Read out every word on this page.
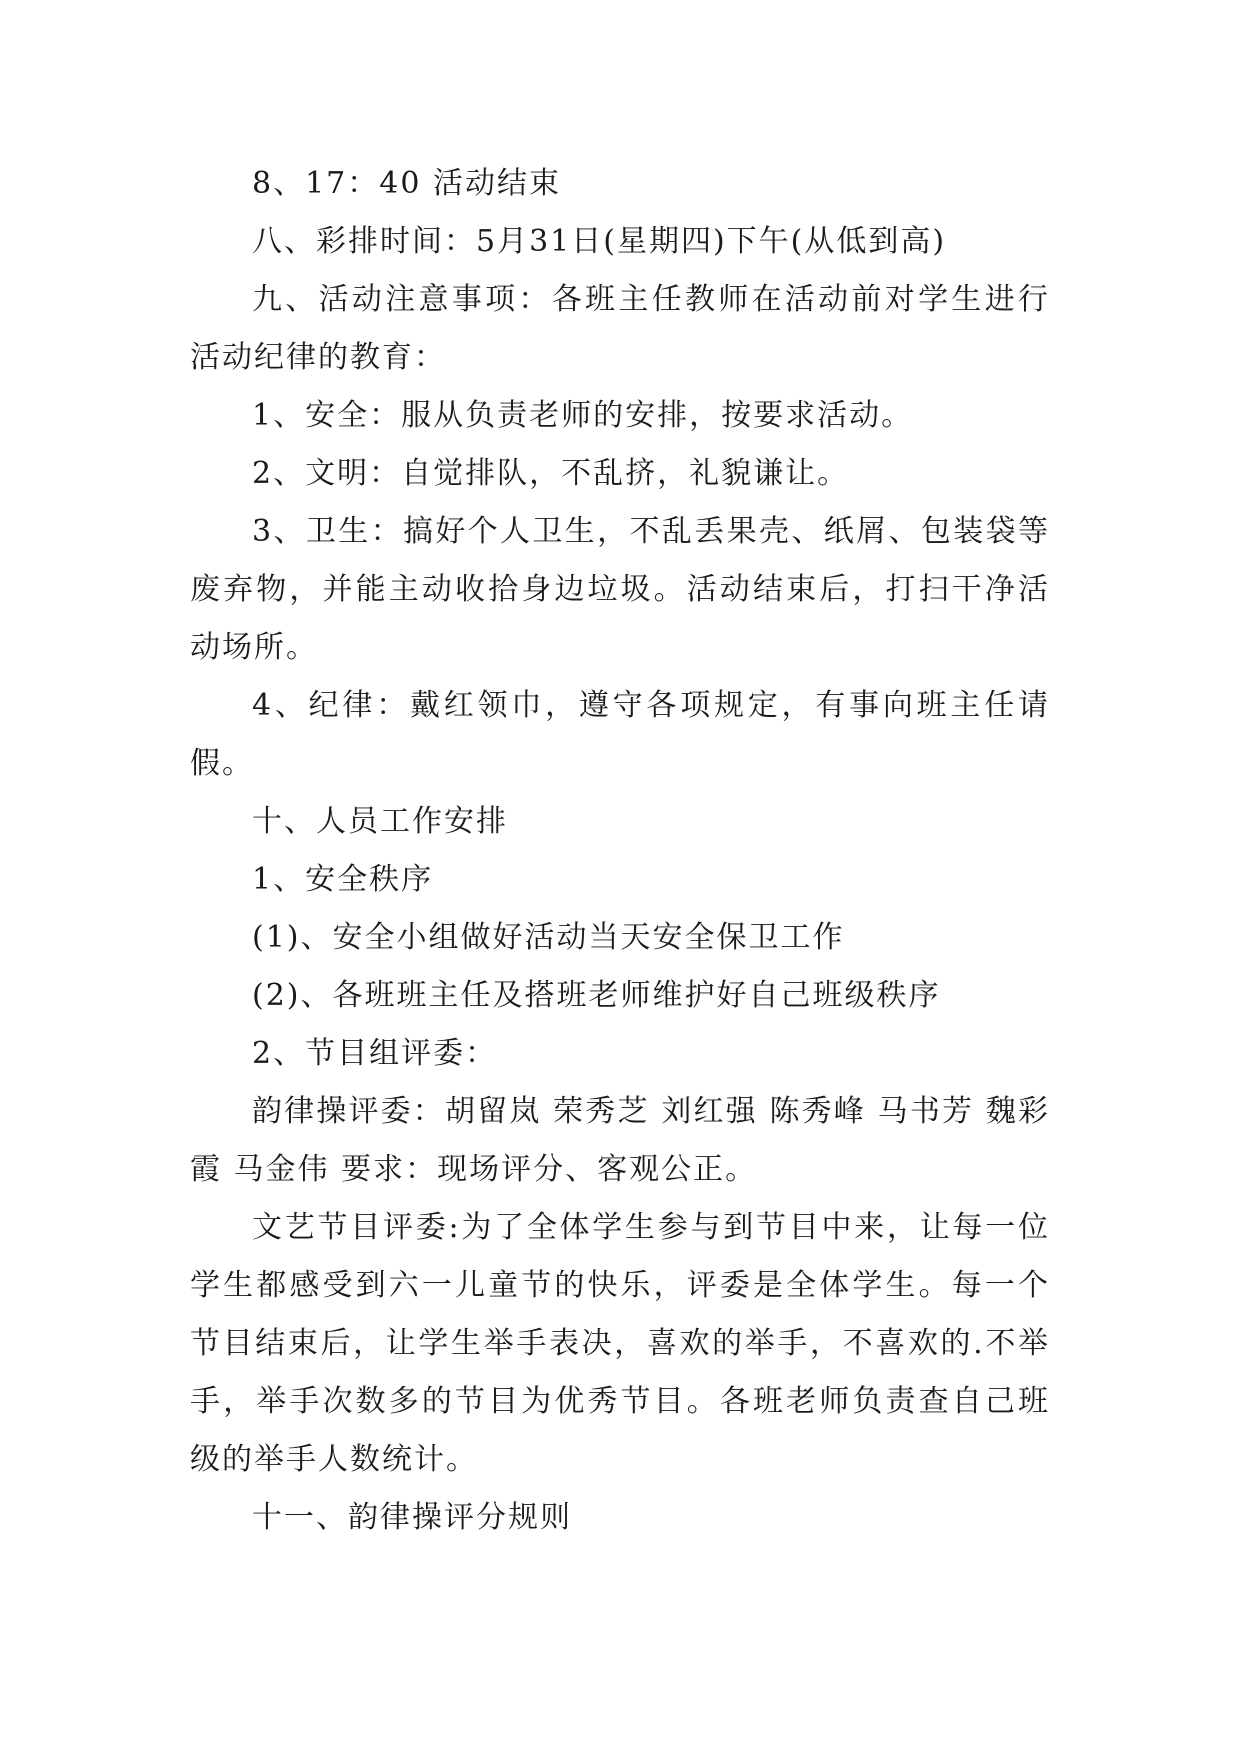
8、17：40 活动结束

八、彩排时间：5月31日(星期四)下午(从低到高)

九、活动注意事项：各班主任教师在活动前对学生进行活动纪律的教育：

1、安全：服从负责老师的安排，按要求活动。

2、文明：自觉排队，不乱挤，礼貌谦让。

3、卫生：搞好个人卫生，不乱丢果壳、纸屑、包装袋等废弃物，并能主动收拾身边垃圾。活动结束后，打扫干净活动场所。

4、纪律：戴红领巾，遵守各项规定，有事向班主任请假。

十、人员工作安排

1、安全秩序

(1)、安全小组做好活动当天安全保卫工作

(2)、各班班主任及搭班老师维护好自己班级秩序

2、节目组评委：

韵律操评委：胡留岚 荣秀芝 刘红强 陈秀峰 马书芳 魏彩霞 马金伟 要求：现场评分、客观公正。

文艺节目评委:为了全体学生参与到节目中来，让每一位学生都感受到六一儿童节的快乐，评委是全体学生。每一个节目结束后，让学生举手表决，喜欢的举手，不喜欢的.不举手，举手次数多的节目为优秀节目。各班老师负责查自己班级的举手人数统计。

十一、韵律操评分规则
